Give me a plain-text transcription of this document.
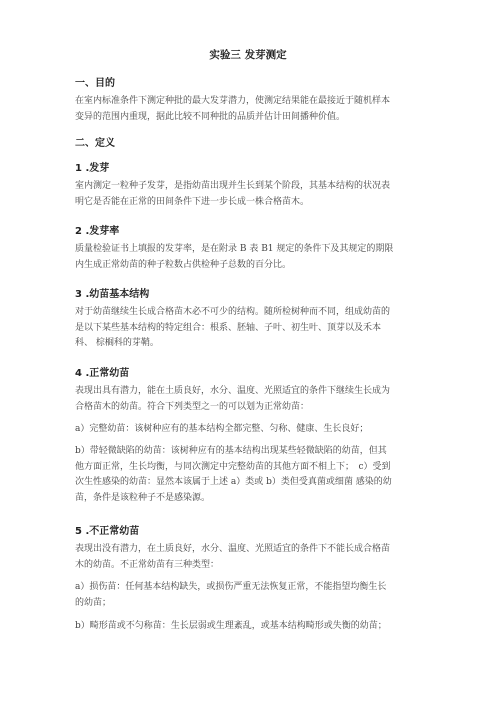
实验三 发芽测定
一、目的
在室内标准条件下测定种批的最大发芽潜力，使测定结果能在最接近于随机样本
变异的范围内重现，据此比较不同种批的品质并估计田间播种价值。
二、定义
1 .发芽
室内测定一粒种子发芽，是指幼苗出现并生长到某个阶段，其基本结构的状况表
明它是否能在正常的田间条件下进一步长成一株合格苗木。
2 .发芽率
质量检验证书上填报的发芽率，是在附录 B 表 B1 规定的条件下及其规定的期限
内生成正常幼苗的种子粒数占供检种子总数的百分比。
3 .幼苗基本结构
对于幼苗继续生长成合格苗木必不可少的结构。随所检树种而不同，组成幼苗的
是以下某些基本结构的特定组合：根系、胚轴、子叶、初生叶、顶芽以及禾本
科、 棕榈科的芽鞘。
4 .正常幼苗
表现出具有潜力，能在土质良好，水分、温度、光照适宜的条件下继续生长成为
合格苗木的幼苗。符合下列类型之一的可以划为正常幼苗：
a）完整幼苗：该树种应有的基本结构全都完整、匀称、健康、生长良好；
b）带轻微缺陷的幼苗：该树种应有的基本结构出现某些轻微缺陷的幼苗，但其
他方面正常，生长均衡，与同次测定中完整幼苗的其他方面不相上下；　c）受到
次生性感染的幼苗：显然本该属于上述 a）类或 b）类但受真菌或细菌 感染的幼
苗，条件是该粒种子不是感染源。
5 .不正常幼苗
表现出没有潜力，在土质良好，水分、温度、光照适宜的条件下不能长成合格苗
木的幼苗。不正常幼苗有三种类型：
a）损伤苗：任何基本结构缺失，或损伤严重无法恢复正常，不能指望均衡生长
的幼苗；
b）畸形苗或不匀称苗：生长层弱或生理紊乱，或基本结构畸形或失衡的幼苗；
